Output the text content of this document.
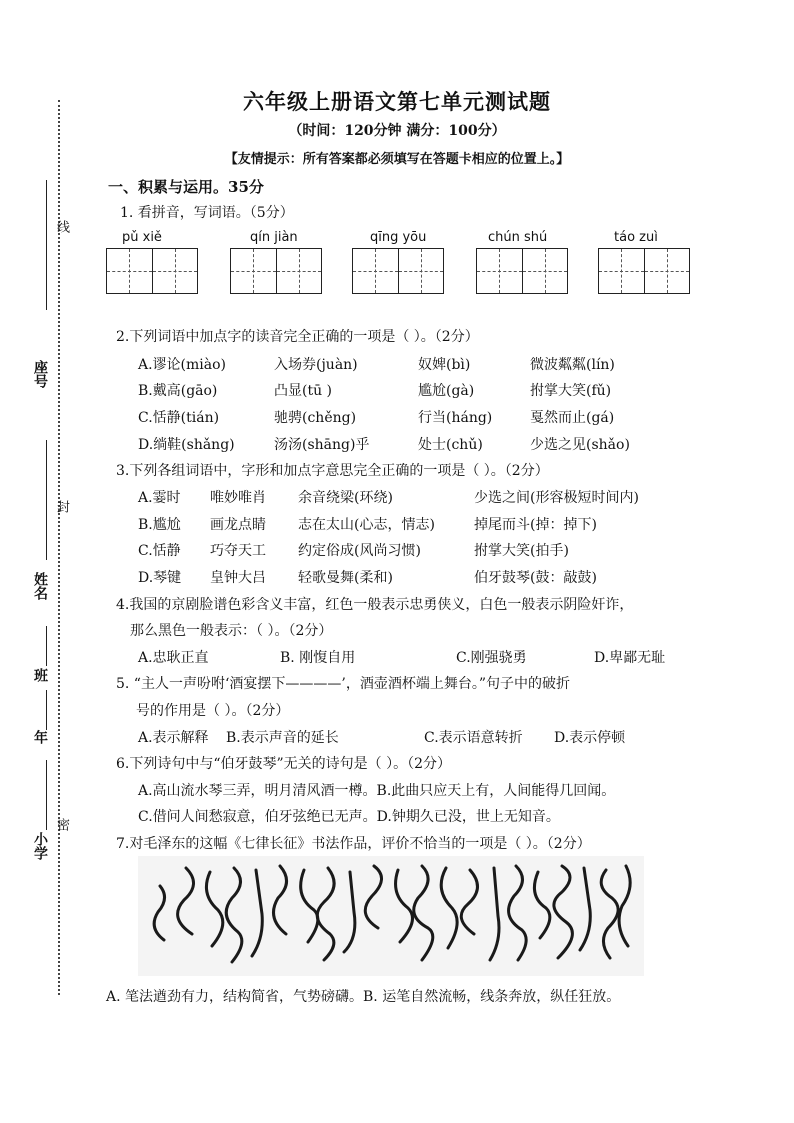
座号
姓名
班
年
小学
线
封
密
六年级上册语文第七单元测试题
（时间：120分钟 满分：100分）
【友情提示：所有答案都必须填写在答题卡相应的位置上。】
一、积累与运用。35分
1. 看拼音，写词语。（5分）
pǔ xiě	qín jiàn	qīng yōu	chún shú	táo zuì
2.下列词语中加点字的读音完全正确的一项是（ ）。（2分）
A.谬论(miào)	入场券(juàn)	奴婢(bì)	微波粼粼(lín)
B.戴高(gāo)	凸显(tū )	尴尬(gà)	拊掌大笑(fǔ)
C.恬静(tián)	驰骋(chěng)	行当(háng)	戛然而止(gá)
D.绱鞋(shǎng)	汤汤(shāng)乎	处士(chǔ)	少选之见(shǎo)
3.下列各组词语中，字形和加点字意思完全正确的一项是（ ）。（2分）
A.霎时 唯妙唯肖 余音绕梁(环绕)	少选之间(形容极短时间内)
B.尴尬 画龙点睛 志在太山(心志，情志)	掉尾而斗(掉：掉下)
C.恬静 巧夺天工 约定俗成(风尚习惯)	拊掌大笑(拍手)
D.琴键 皇钟大吕 轻歌曼舞(柔和)	伯牙鼓琴(鼓：敲鼓)
4.我国的京剧脸谱色彩含义丰富，红色一般表示忠勇侠义，白色一般表示阴险奸诈，
那么黑色一般表示：（ ）。（2分）
A.忠耿正直	B. 刚愎自用	C.刚强骁勇	D.卑鄙无耻
5. “主人一声吩咐‘酒宴摆下————’，酒壶酒杯端上舞台。”句子中的破折
号的作用是（ ）。（2分）
A.表示解释 B.表示声音的延长	C.表示语意转折 D.表示停顿
6.下列诗句中与“伯牙鼓琴”无关的诗句是（ ）。（2分）
A.高山流水琴三弄，明月清风酒一樽。B.此曲只应天上有，人间能得几回闻。
C.借问人间愁寂意，伯牙弦绝已无声。D.钟期久已没，世上无知音。
7.对毛泽东的这幅《七律长征》书法作品，评价不恰当的一项是（ ）。（2分）
A. 笔法遒劲有力，结构简省，气势磅礴。B. 运笔自然流畅，线条奔放，纵任狂放。
